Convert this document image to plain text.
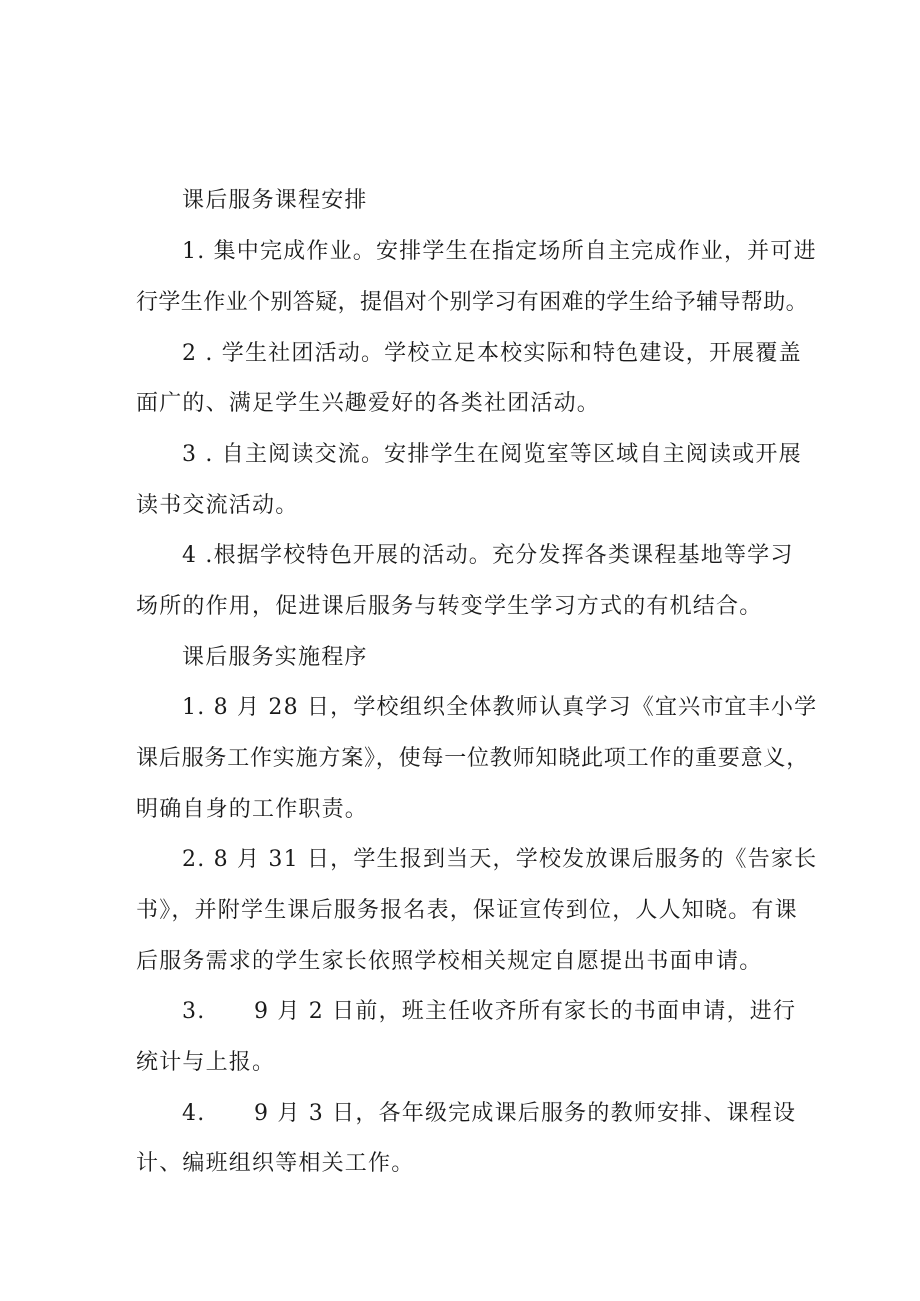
课后服务课程安排
1. 集中完成作业。安排学生在指定场所自主完成作业，并可进
行学生作业个别答疑，提倡对个别学习有困难的学生给予辅导帮助。
2 . 学生社团活动。学校立足本校实际和特色建设，开展覆盖
面广的、满足学生兴趣爱好的各类社团活动。
3 . 自主阅读交流。安排学生在阅览室等区域自主阅读或开展
读书交流活动。
4 .根据学校特色开展的活动。充分发挥各类课程基地等学习
场所的作用，促进课后服务与转变学生学习方式的有机结合。
课后服务实施程序
1. 8 月 28 日，学校组织全体教师认真学习《宜兴市宜丰小学
课后服务工作实施方案》，使每一位教师知晓此项工作的重要意义，
明确自身的工作职责。
2. 8 月 31 日，学生报到当天，学校发放课后服务的《告家长
书》，并附学生课后服务报名表，保证宣传到位，人人知晓。有课
后服务需求的学生家长依照学校相关规定自愿提出书面申请。
3. 9 月 2 日前，班主任收齐所有家长的书面申请，进行
统计与上报。
4. 9 月 3 日，各年级完成课后服务的教师安排、课程设
计、编班组织等相关工作。
